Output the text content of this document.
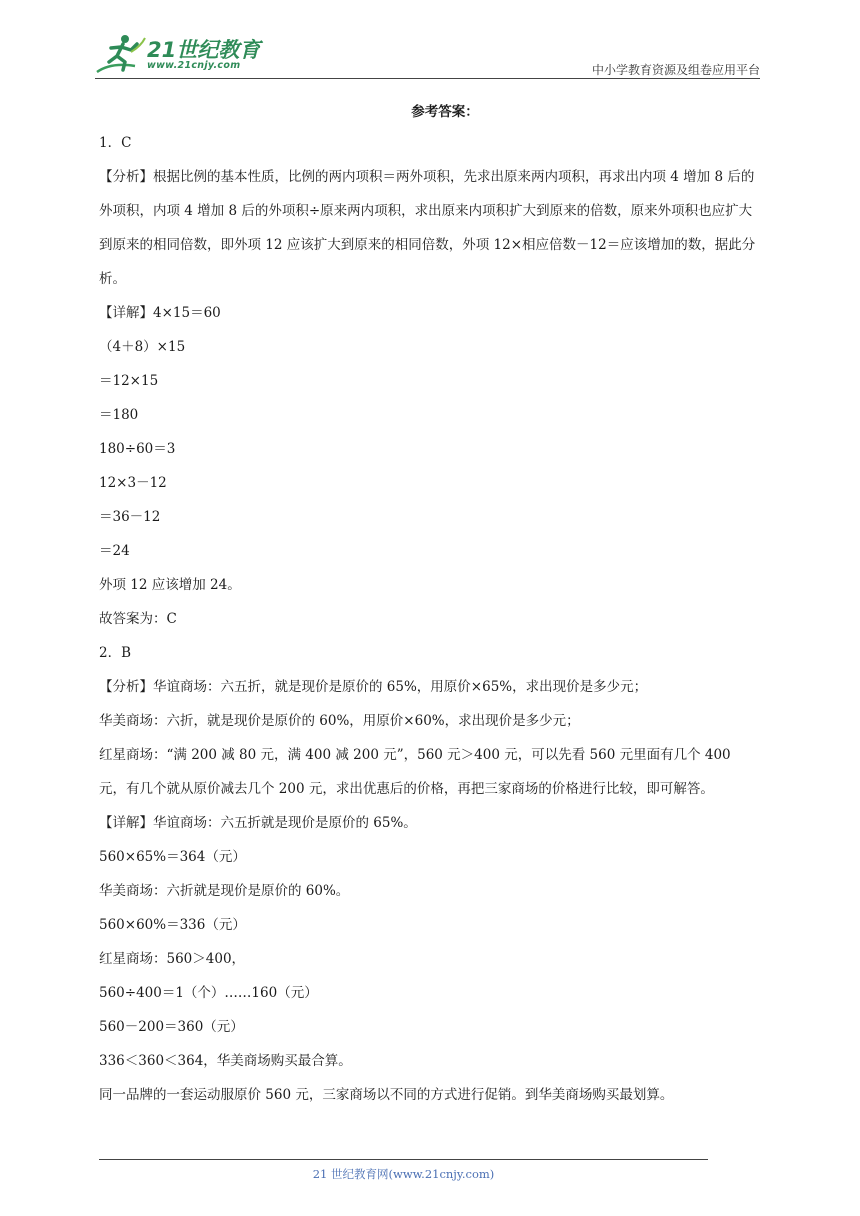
21世纪教育
www.21cnjy.com	中小学教育资源及组卷应用平台
参考答案：
1．C
【分析】根据比例的基本性质，比例的两内项积＝两外项积，先求出原来两内项积，再求出内项 4 增加 8 后的外项积，内项 4 增加 8 后的外项积÷原来两内项积，求出原来内项积扩大到原来的倍数，原来外项积也应扩大到原来的相同倍数，即外项 12 应该扩大到原来的相同倍数，外项 12×相应倍数－12＝应该增加的数，据此分析。
【详解】4×15＝60
（4＋8）×15
＝12×15
＝180
180÷60＝3
12×3－12
＝36－12
＝24
外项 12 应该增加 24。
故答案为：C
2．B
【分析】华谊商场：六五折，就是现价是原价的 65%，用原价×65%，求出现价是多少元；
华美商场：六折，就是现价是原价的 60%，用原价×60%，求出现价是多少元；
红星商场：“满 200 减 80 元，满 400 减 200 元”，560 元＞400 元，可以先看 560 元里面有几个 400 元，有几个就从原价减去几个 200 元，求出优惠后的价格，再把三家商场的价格进行比较，即可解答。
【详解】华谊商场：六五折就是现价是原价的 65%。
560×65%＝364（元）
华美商场：六折就是现价是原价的 60%。
560×60%＝336（元）
红星商场：560＞400，
560÷400＝1（个）……160（元）
560－200＝360（元）
336＜360＜364，华美商场购买最合算。
同一品牌的一套运动服原价 560 元，三家商场以不同的方式进行促销。到华美商场购买最划算。
21 世纪教育网(www.21cnjy.com)
